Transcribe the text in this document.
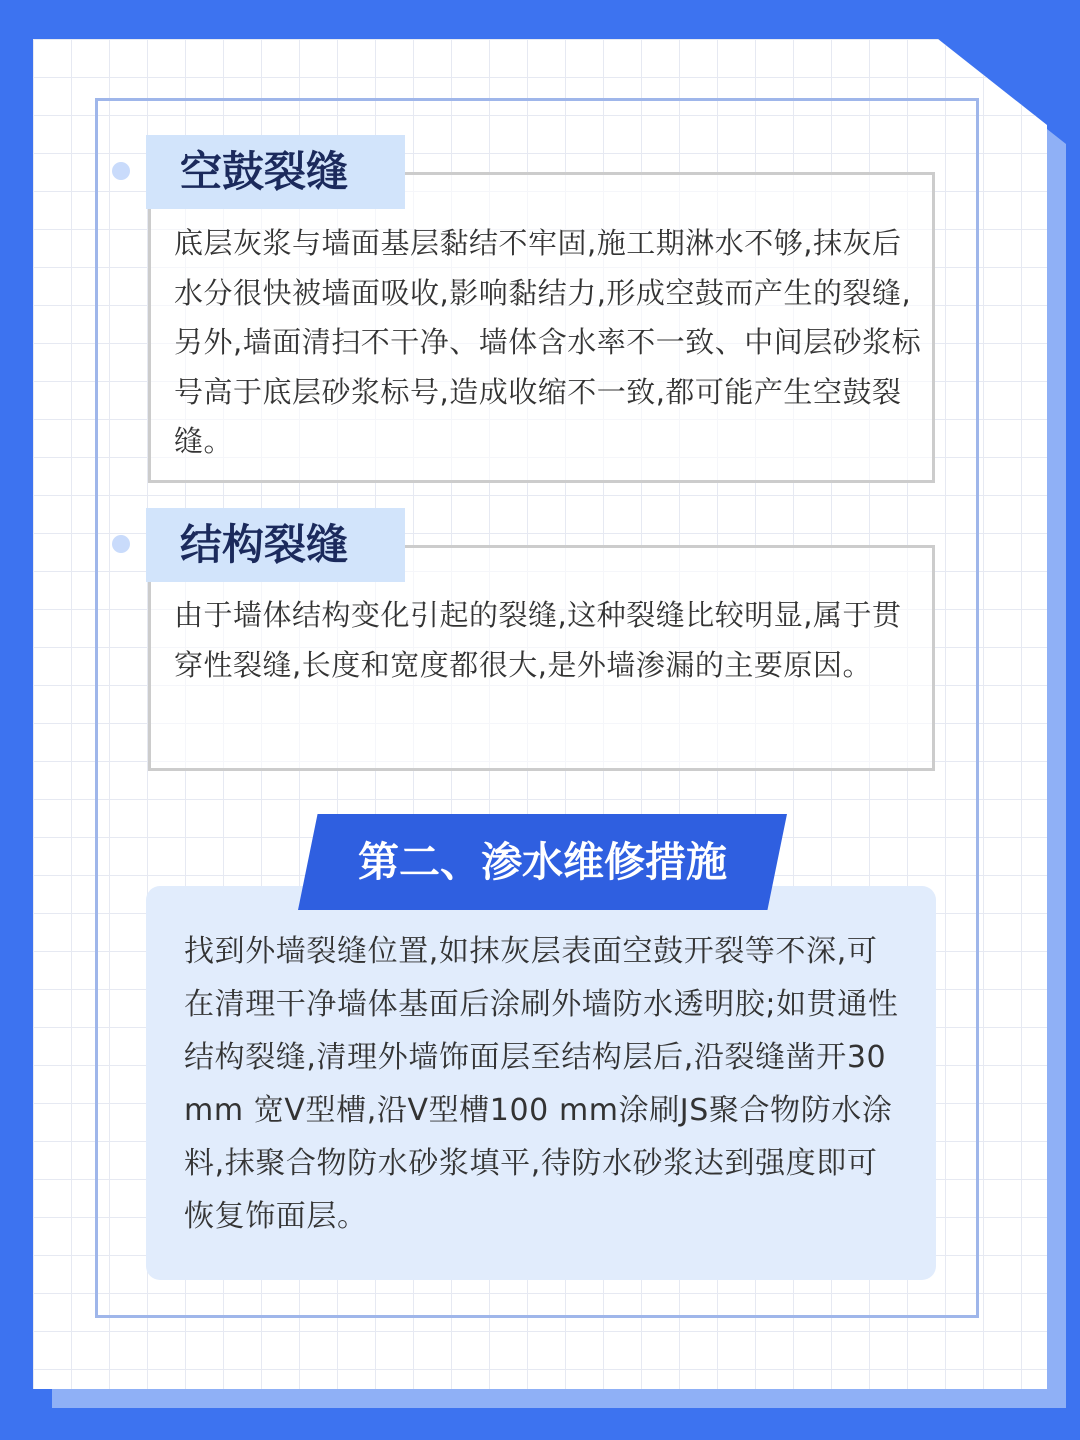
空鼓裂缝

底层灰浆与墙面基层黏结不牢固,施工期淋水不够,抹灰后水分很快被墙面吸收,影响黏结力,形成空鼓而产生的裂缝,另外,墙面清扫不干净、墙体含水率不一致、中间层砂浆标号高于底层砂浆标号,造成收缩不一致,都可能产生空鼓裂缝。

结构裂缝

由于墙体结构变化引起的裂缝,这种裂缝比较明显,属于贯穿性裂缝,长度和宽度都很大,是外墙渗漏的主要原因。

第二、渗水维修措施

找到外墙裂缝位置,如抹灰层表面空鼓开裂等不深,可在清理干净墙体基面后涂刷外墙防水透明胶;如贯通性结构裂缝,清理外墙饰面层至结构层后,沿裂缝凿开30 mm 宽V型槽,沿V型槽100 mm涂刷JS聚合物防水涂料,抹聚合物防水砂浆填平,待防水砂浆达到强度即可恢复饰面层。
